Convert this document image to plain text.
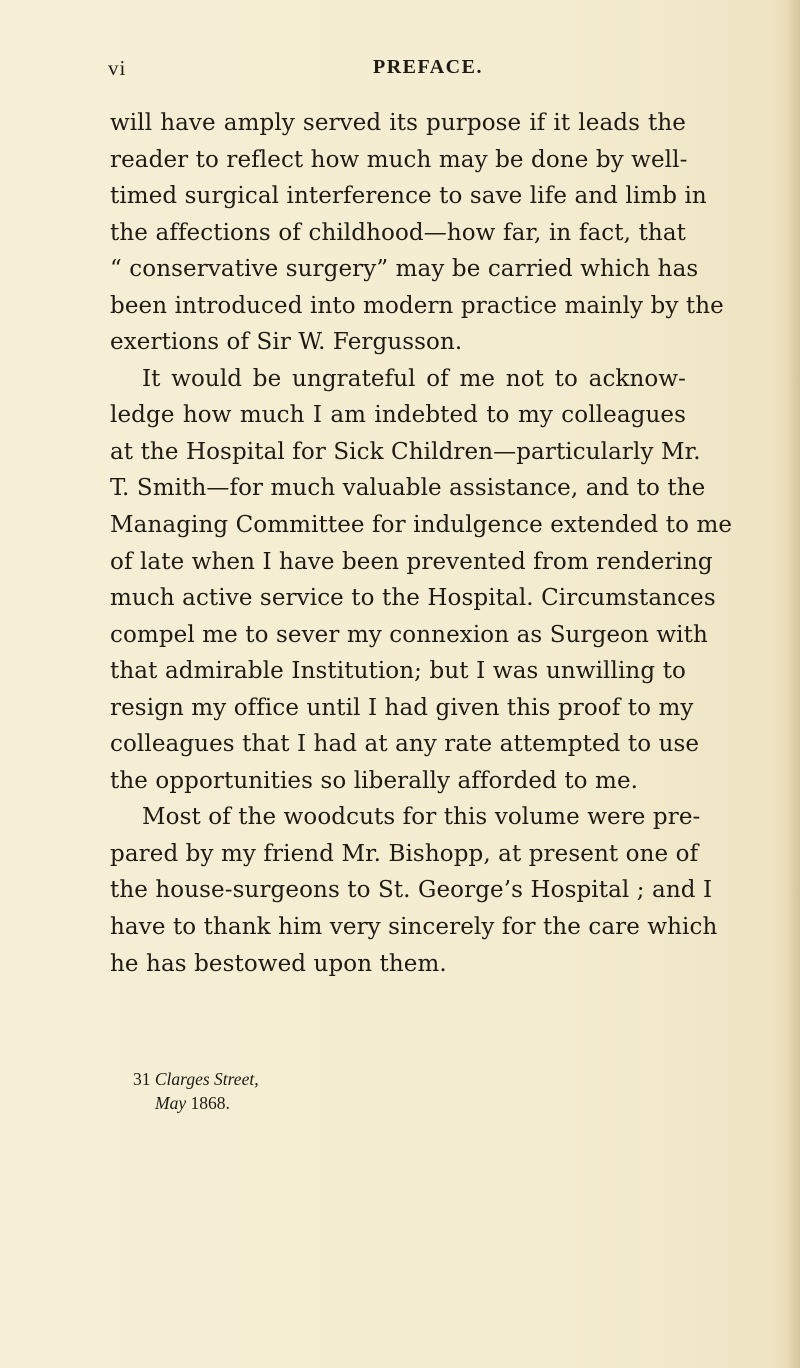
vi	PREFACE.
will have amply served its purpose if it leads the
reader to reflect how much may be done by well-
timed surgical interference to save life and limb in
the affections of childhood—how far, in fact, that
“ conservative surgery” may be carried which has
been introduced into modern practice mainly by the
exertions of Sir W. Fergusson.
It would be ungrateful of me not to acknow-
ledge how much I am indebted to my colleagues
at the Hospital for Sick Children—particularly Mr.
T. Smith—for much valuable assistance, and to the
Managing Committee for indulgence extended to me
of late when I have been prevented from rendering
much active service to the Hospital. Circumstances
compel me to sever my connexion as Surgeon with
that admirable Institution; but I was unwilling to
resign my office until I had given this proof to my
colleagues that I had at any rate attempted to use
the opportunities so liberally afforded to me.
Most of the woodcuts for this volume were pre-
pared by my friend Mr. Bishopp, at present one of
the house-surgeons to St. George’s Hospital ; and I
have to thank him very sincerely for the care which
he has bestowed upon them.
31 Clarges Street,
May 1868.
